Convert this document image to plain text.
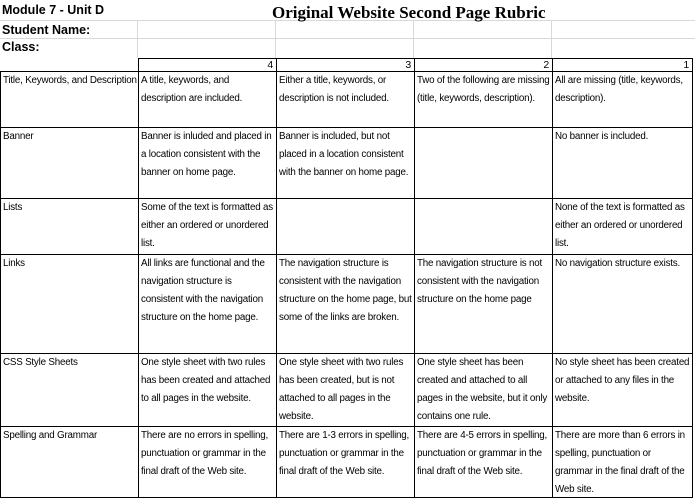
Module 7 - Unit D
Student Name:
Class:
Original Website Second Page Rubric
	4	3	2	1
Title, Keywords, and Description	A title, keywords, and description are included.	Either a title, keywords, or description is not included.	Two of the following are missing (title, keywords, description).	All are missing (title, keywords, description).

Banner	Banner is inluded and placed in a location consistent with the banner on home page.	Banner is included, but not placed in a location consistent with the banner on home page.		No banner is included.

Lists	Some of the text is formatted as either an ordered or unordered list.			None of the text is formatted as either an ordered or unordered list.

Links	All links are functional and the navigation structure is consistent with the navigation structure on the home page.	The navigation structure is consistent with the navigation structure on the home page, but some of the links are broken.	The navigation structure is not consistent with the navigation structure on the home page	No navigation structure exists.

CSS Style Sheets	One style sheet with two rules has been created and attached to all pages in the website.	One style sheet with two rules has been created, but is not attached to all pages in the website.	One style sheet has been created and attached to all pages in the website, but it only contains one rule.	No style sheet has been created or attached to any files in the website.

Spelling and Grammar	There are no errors in spelling, punctuation or grammar in the final draft of the Web site.	There are 1-3 errors in spelling, punctuation or grammar in the final draft of the Web site.	There are 4-5 errors in spelling, punctuation or grammar in the final draft of the Web site.	There are more than 6 errors in spelling, punctuation or grammar in the final draft of the Web site.
